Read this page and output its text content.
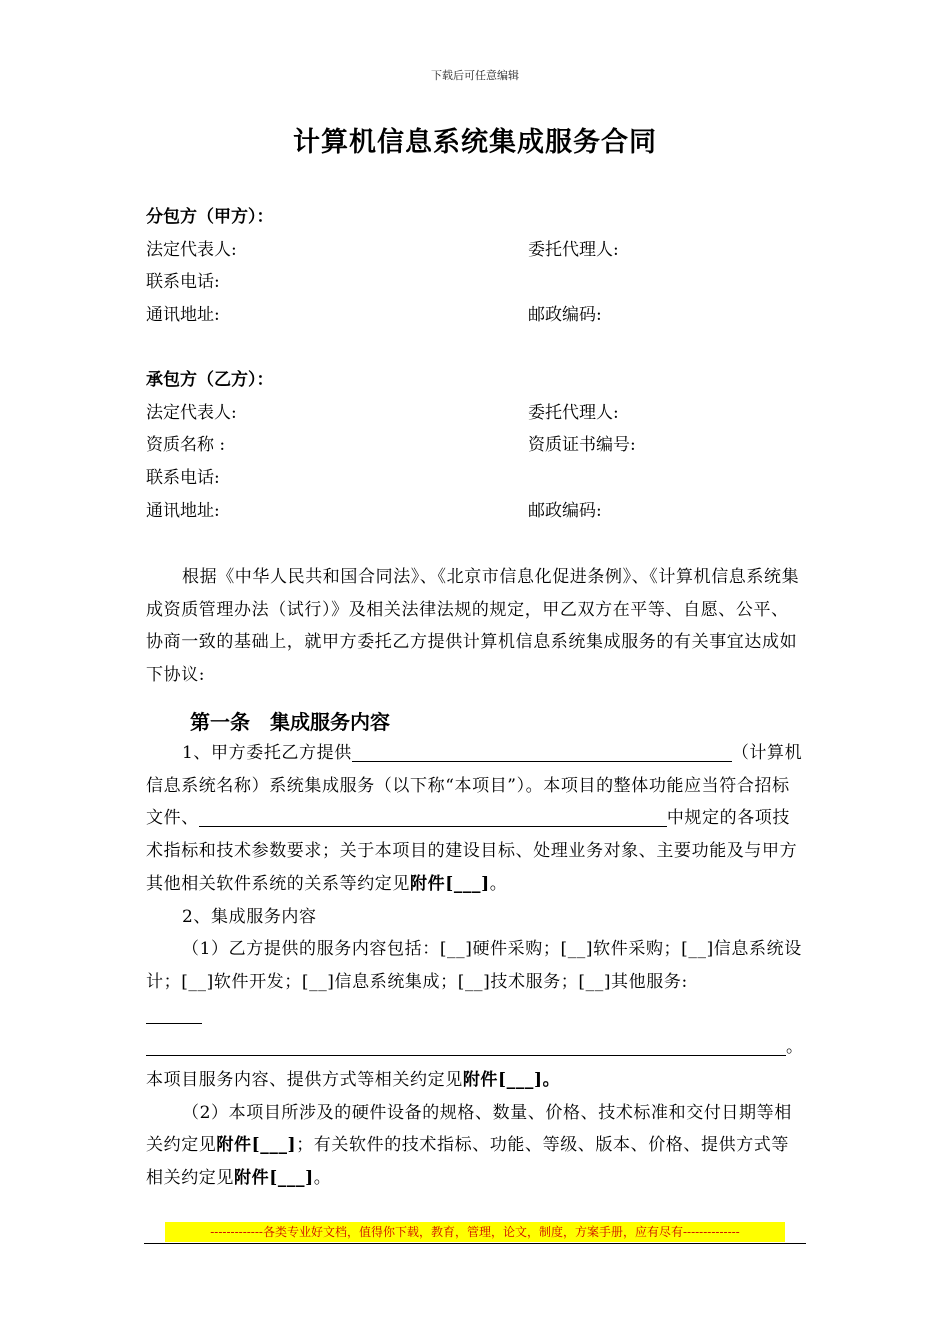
下载后可任意编辑
计算机信息系统集成服务合同
分包方（甲方）：
法定代表人:	委托代理人:
联系电话:
通讯地址:	邮政编码:
承包方（乙方）：
法定代表人:	委托代理人:
资质名称 :	资质证书编号:
联系电话:
通讯地址:	邮政编码:
根据《中华人民共和国合同法》、《北京市信息化促进条例》、《计算机信息系统集成资质管理办法（试行）》及相关法律法规的规定，甲乙双方在平等、自愿、公平、协商一致的基础上，就甲方委托乙方提供计算机信息系统集成服务的有关事宜达成如下协议:
第一条　集成服务内容
1、甲方委托乙方提供	（计算机信息系统名称）系统集成服务（以下称“本项目”）。本项目的整体功能应当符合招标文件、	中规定的各项技术指标和技术参数要求；关于本项目的建设目标、处理业务对象、主要功能及与甲方其他相关软件系统的关系等约定见附件[___]。
2、集成服务内容
（1）乙方提供的服务内容包括：[__]硬件采购；[__]软件采购；[__]信息系统设计；[__]软件开发；[__]信息系统集成；[__]技术服务；[__]其他服务:

。
本项目服务内容、提供方式等相关约定见附件[___]。
（2）本项目所涉及的硬件设备的规格、数量、价格、技术标准和交付日期等相关约定见附件[___]；有关软件的技术指标、功能、等级、版本、价格、提供方式等相关约定见附件[___]。
-------------各类专业好文档，值得你下载，教育，管理，论文，制度，方案手册，应有尽有--------------
